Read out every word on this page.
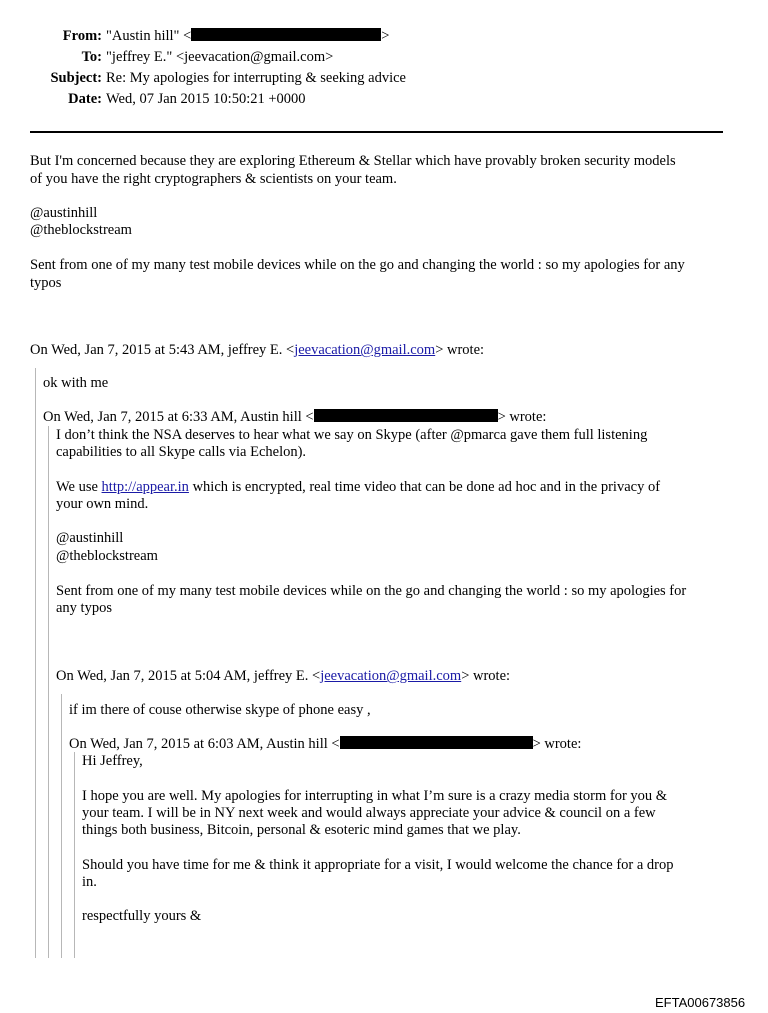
From: "Austin hill" <	>
To: "jeffrey E." <jeevacation@gmail.com>
Subject: Re: My apologies for interrupting & seeking advice
Date: Wed, 07 Jan 2015 10:50:21 +0000
But I'm concerned because they are exploring Ethereum & Stellar which have provably broken security models
of you have the right cryptographers & scientists on your team.
@austinhill
@theblockstream
Sent from one of my many test mobile devices while on the go and changing the world : so my apologies for any
typos
On Wed, Jan 7, 2015 at 5:43 AM, jeffrey E. <jeevacation@gmail.com> wrote:
ok with me
On Wed, Jan 7, 2015 at 6:33 AM, Austin hill <	> wrote:
I don’t think the NSA deserves to hear what we say on Skype (after @pmarca gave them full listening
capabilities to all Skype calls via Echelon).
We use http://appear.in which is encrypted, real time video that can be done ad hoc and in the privacy of
your own mind.
@austinhill
@theblockstream
Sent from one of my many test mobile devices while on the go and changing the world : so my apologies for
any typos
On Wed, Jan 7, 2015 at 5:04 AM, jeffrey E. <jeevacation@gmail.com> wrote:
if im there of couse otherwise skype of phone easy ,
On Wed, Jan 7, 2015 at 6:03 AM, Austin hill <	> wrote:
Hi Jeffrey,
I hope you are well. My apologies for interrupting in what I’m sure is a crazy media storm for you &
your team. I will be in NY next week and would always appreciate your advice & council on a few
things both business, Bitcoin, personal & esoteric mind games that we play.
Should you have time for me & think it appropriate for a visit, I would welcome the chance for a drop
in.
respectfully yours &
EFTA00673856
